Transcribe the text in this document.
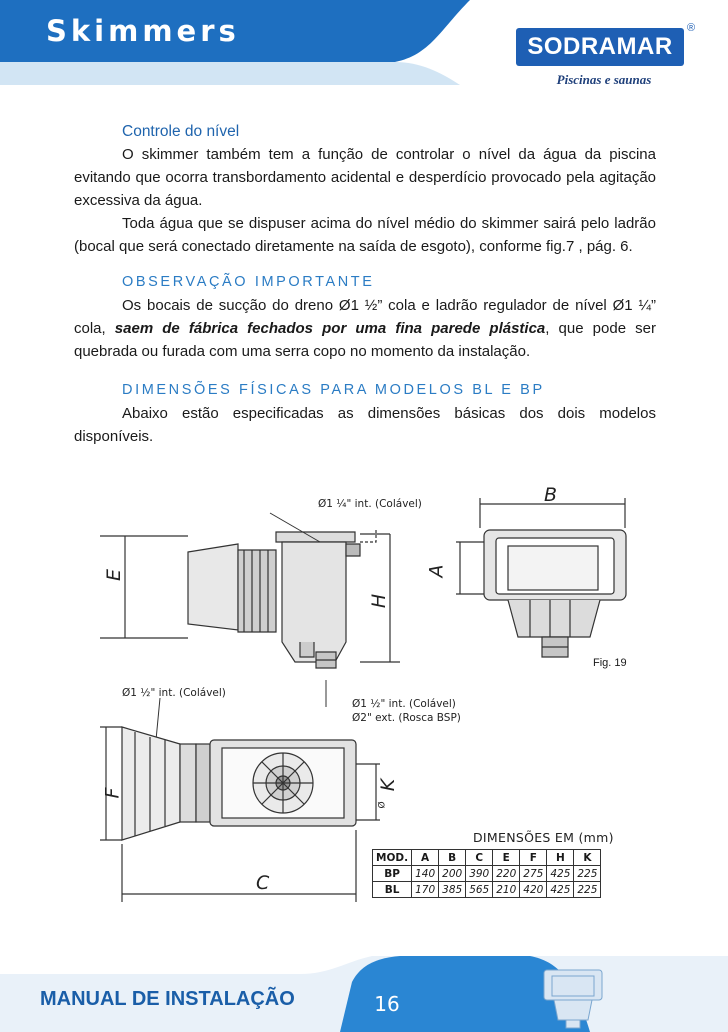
Skimmers	SODRAMAR
®
Piscinas e saunas

Controle do nível

O skimmer também tem a função de controlar o nível da água da piscina evitando que ocorra transbordamento acidental e desperdício provocado pela agitação excessiva da água.

Toda água que se dispuser acima do nível médio do skimmer sairá pelo ladrão (bocal que será conectado diretamente na saída de esgoto), conforme fig.7 , pág. 6.

OBSERVAÇÃO IMPORTANTE

Os bocais de sucção do dreno Ø1 ½” cola e ladrão regulador de nível Ø1 ¼” cola, saem de fábrica fechados por uma fina parede plástica, que pode ser quebrada ou furada com uma serra copo no momento da instalação.

DIMENSÕES FÍSICAS PARA MODELOS BL E BP

Abaixo estão especificadas as dimensões básicas dos dois modelos disponíveis.

Ø1 ¼" int. (Colável)
Ø1 ½" int. (Colável)
Ø1 ½" int. (Colável)
Ø2" ext. (Rosca BSP)
B
A
E
H
F
K
Ø
C
Fig. 19
DIMENSÕES EM (mm)
MOD.	A	B	C	E	F	H	K
BP	140	200	390	220	275	425	225
BL	170	385	565	210	420	425	225
MANUAL DE INSTALAÇÃO	16
